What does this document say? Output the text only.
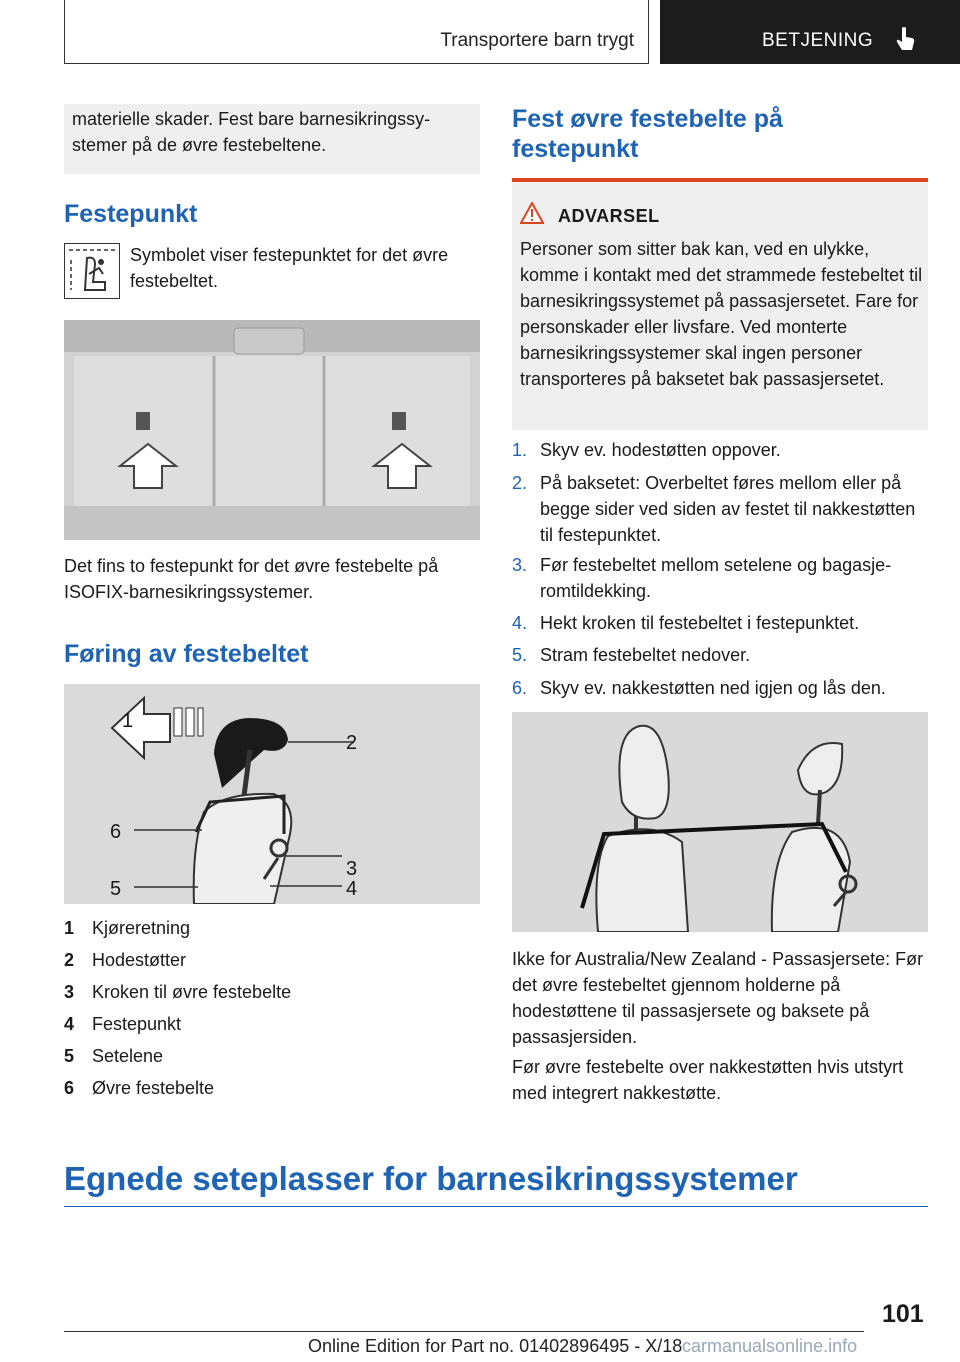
Transportere barn trygt	BETJENING
materielle skader. Fest bare barnesikringssystemer på de øvre festebeltene.
Festepunkt
Symbolet viser festepunktet for det øvre festebeltet.
Det fins to festepunkt for det øvre festebelte på ISOFIX-barnesikringssystemer.
Føring av festebeltet
1
2
3
4
5
6
1 Kjøreretning
2 Hodestøtter
3 Kroken til øvre festebelte
4 Festepunkt
5 Setelene
6 Øvre festebelte
Fest øvre festebelte på festepunkt
ADVARSEL
Personer som sitter bak kan, ved en ulykke, komme i kontakt med det strammede festebeltet til barnesikringssystemet på passasjersetet. Fare for personskader eller livsfare. Ved monterte barnesikringssystemer skal ingen personer transporteres på baksetet bak passasjersetet.
1. Skyv ev. hodestøtten oppover.
2. På baksetet: Overbeltet føres mellom eller på begge sider ved siden av festet til nakkestøtten til festepunktet.
3. Før festebeltet mellom setelene og bagasjeromtildekking.
4. Hekt kroken til festebeltet i festepunktet.
5. Stram festebeltet nedover.
6. Skyv ev. nakkestøtten ned igjen og lås den.
Ikke for Australia/New Zealand - Passasjersete: Før det øvre festebeltet gjennom holderne på hodestøttene til passasjersete og baksete på passasjersiden.
Før øvre festebelte over nakkestøtten hvis utstyrt med integrert nakkestøtte.
Egnede seteplasser for barnesikringssystemer
101
Online Edition for Part no. 01402896495 - X/18 carmanualsonline.info
